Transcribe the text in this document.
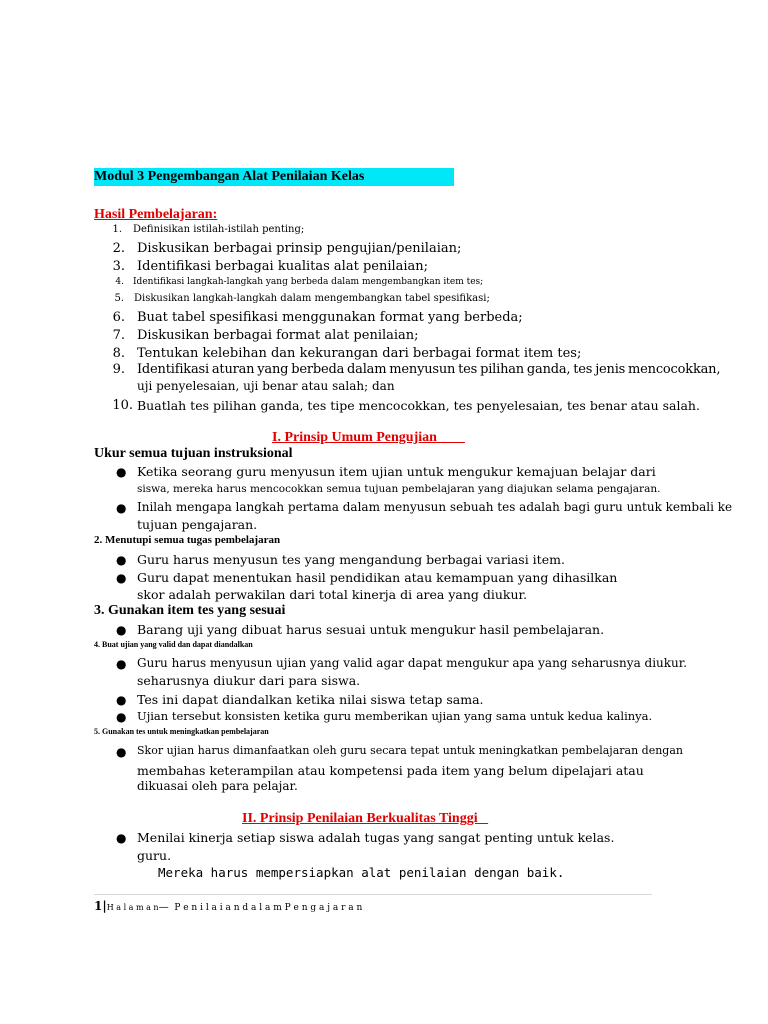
Modul 3 Pengembangan Alat Penilaian Kelas
Hasil Pembelajaran:
1. Definisikan istilah-istilah penting;
2. Diskusikan berbagai prinsip pengujian/penilaian;
3. Identifikasi berbagai kualitas alat penilaian;
4. Identifikasi langkah-langkah yang berbeda dalam mengembangkan item tes;
5. Diskusikan langkah-langkah dalam mengembangkan tabel spesifikasi;
6. Buat tabel spesifikasi menggunakan format yang berbeda;
7. Diskusikan berbagai format alat penilaian;
8. Tentukan kelebihan dan kekurangan dari berbagai format item tes;
9. Identifikasi aturan yang berbeda dalam menyusun tes pilihan ganda, tes jenis mencocokkan,
uji penyelesaian, uji benar atau salah; dan
10. Buatlah tes pilihan ganda, tes tipe mencocokkan, tes penyelesaian, tes benar atau salah.
I. Prinsip Umum Pengujian
Ukur semua tujuan instruksional
● Ketika seorang guru menyusun item ujian untuk mengukur kemajuan belajar dari
siswa, mereka harus mencocokkan semua tujuan pembelajaran yang diajukan selama pengajaran.
● Inilah mengapa langkah pertama dalam menyusun sebuah tes adalah bagi guru untuk kembali ke
tujuan pengajaran.
2. Menutupi semua tugas pembelajaran
● Guru harus menyusun tes yang mengandung berbagai variasi item.
● Guru dapat menentukan hasil pendidikan atau kemampuan yang dihasilkan
skor adalah perwakilan dari total kinerja di area yang diukur.
3. Gunakan item tes yang sesuai
● Barang uji yang dibuat harus sesuai untuk mengukur hasil pembelajaran.
4. Buat ujian yang valid dan dapat diandalkan
● Guru harus menyusun ujian yang valid agar dapat mengukur apa yang seharusnya diukur.
seharusnya diukur dari para siswa.
● Tes ini dapat diandalkan ketika nilai siswa tetap sama.
● Ujian tersebut konsisten ketika guru memberikan ujian yang sama untuk kedua kalinya.
5. Gunakan tes untuk meningkatkan pembelajaran
● Skor ujian harus dimanfaatkan oleh guru secara tepat untuk meningkatkan pembelajaran dengan
membahas keterampilan atau kompetensi pada item yang belum dipelajari atau
dikuasai oleh para pelajar.
II. Prinsip Penilaian Berkualitas Tinggi
● Menilai kinerja setiap siswa adalah tugas yang sangat penting untuk kelas.
guru.
Mereka harus mempersiapkan alat penilaian dengan baik.
1|H a l a m a n— P e n i l a i a n d a l a m P e n g a j a r a n
